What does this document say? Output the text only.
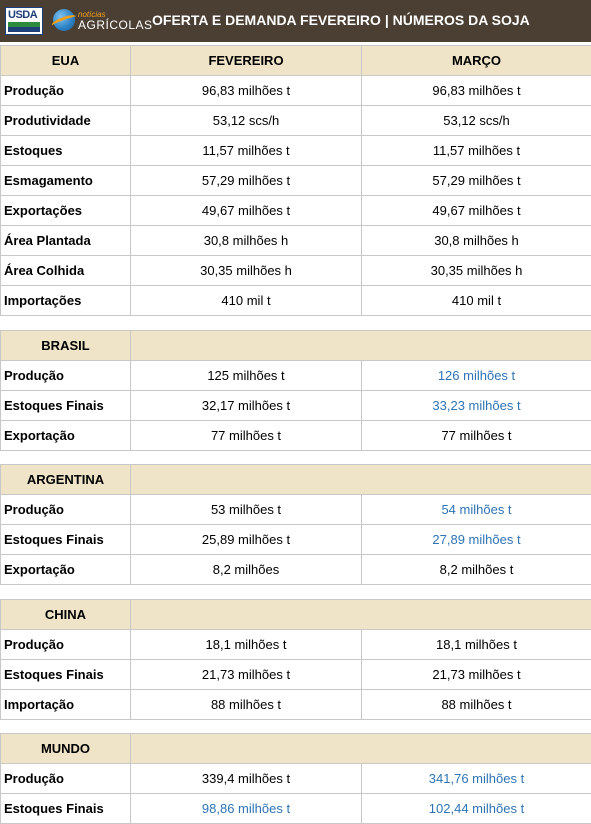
USDA	notícias
AGRÍCOLAS OFERTA E DEMANDA FEVEREIRO | NÚMEROS DA SOJA
EUA	FEVEREIRO	MARÇO
Produção	96,83 milhões t	96,83 milhões t
Produtividade	53,12 scs/h	53,12 scs/h
Estoques	11,57 milhões t	11,57 milhões t
Esmagamento	57,29 milhões t	57,29 milhões t
Exportações	49,67 milhões t	49,67 milhões t
Área Plantada	30,8 milhões h	30,8 milhões h
Área Colhida	30,35 milhões h	30,35 milhões h
Importações	410 mil t	410 mil t
BRASIL		
Produção	125 milhões t	126 milhões t
Estoques Finais	32,17 milhões t	33,23 milhões t
Exportação	77 milhões t	77 milhões t
ARGENTINA		
Produção	53 milhões t	54 milhões t
Estoques Finais	25,89 milhões t	27,89 milhões t
Exportação	8,2 milhões	8,2 milhões t
CHINA		
Produção	18,1 milhões t	18,1 milhões t
Estoques Finais	21,73 milhões t	21,73 milhões t
Importação	88 milhões t	88 milhões t
MUNDO		
Produção	339,4 milhões t	341,76 milhões t
Estoques Finais	98,86 milhões t	102,44 milhões t
